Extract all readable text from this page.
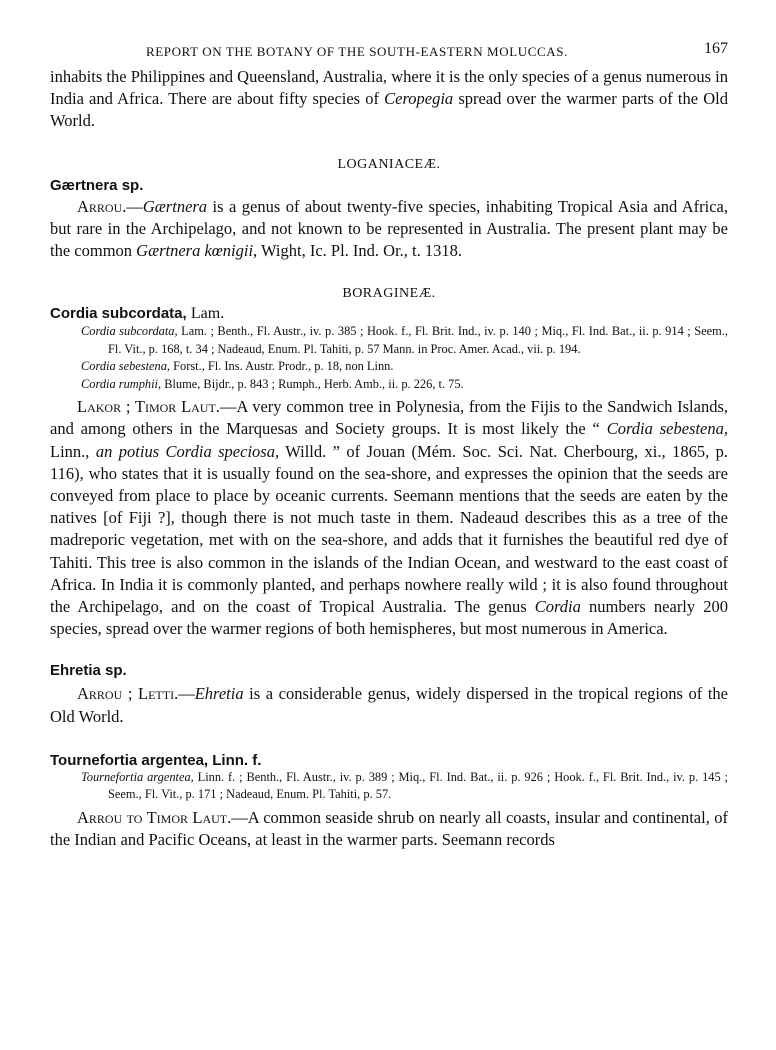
REPORT ON THE BOTANY OF THE SOUTH-EASTERN MOLUCCAS.	167

inhabits the Philippines and Queensland, Australia, where it is the only species of a genus numerous in India and Africa. There are about fifty species of Ceropegia spread over the warmer parts of the Old World.

LOGANIACEÆ.

Gærtnera sp.

Arrou.—Gærtnera is a genus of about twenty-five species, inhabiting Tropical Asia and Africa, but rare in the Archipelago, and not known to be represented in Australia. The present plant may be the common Gærtnera kœnigii, Wight, Ic. Pl. Ind. Or., t. 1318.

BORAGINEÆ.

Cordia subcordata, Lam.

Cordia subcordata, Lam. ; Benth., Fl. Austr., iv. p. 385 ; Hook. f., Fl. Brit. Ind., iv. p. 140 ; Miq., Fl. Ind. Bat., ii. p. 914 ; Seem., Fl. Vit., p. 168, t. 34 ; Nadeaud, Enum. Pl. Tahiti, p. 57 Mann. in Proc. Amer. Acad., vii. p. 194.

Cordia sebestena, Forst., Fl. Ins. Austr. Prodr., p. 18, non Linn.

Cordia rumphii, Blume, Bijdr., p. 843 ; Rumph., Herb. Amb., ii. p. 226, t. 75.

Lakor ; Timor Laut.—A very common tree in Polynesia, from the Fijis to the Sandwich Islands, and among others in the Marquesas and Society groups. It is most likely the “ Cordia sebestena, Linn., an potius Cordia speciosa, Willd. ” of Jouan (Mém. Soc. Sci. Nat. Cherbourg, xi., 1865, p. 116), who states that it is usually found on the sea-shore, and expresses the opinion that the seeds are conveyed from place to place by oceanic currents. Seemann mentions that the seeds are eaten by the natives [of Fiji ?], though there is not much taste in them. Nadeaud describes this as a tree of the madreporic vegetation, met with on the sea-shore, and adds that it furnishes the beautiful red dye of Tahiti. This tree is also common in the islands of the Indian Ocean, and westward to the east coast of Africa. In India it is commonly planted, and perhaps nowhere really wild ; it is also found throughout the Archipelago, and on the coast of Tropical Australia. The genus Cordia numbers nearly 200 species, spread over the warmer regions of both hemispheres, but most numerous in America.

Ehretia sp.

Arrou ; Letti.—Ehretia is a considerable genus, widely dispersed in the tropical regions of the Old World.

Tournefortia argentea, Linn. f.

Tournefortia argentea, Linn. f. ; Benth., Fl. Austr., iv. p. 389 ; Miq., Fl. Ind. Bat., ii. p. 926 ; Hook. f., Fl. Brit. Ind., iv. p. 145 ; Seem., Fl. Vit., p. 171 ; Nadeaud, Enum. Pl. Tahiti, p. 57.

Arrou to Timor Laut.—A common seaside shrub on nearly all coasts, insular and continental, of the Indian and Pacific Oceans, at least in the warmer parts. Seemann records
